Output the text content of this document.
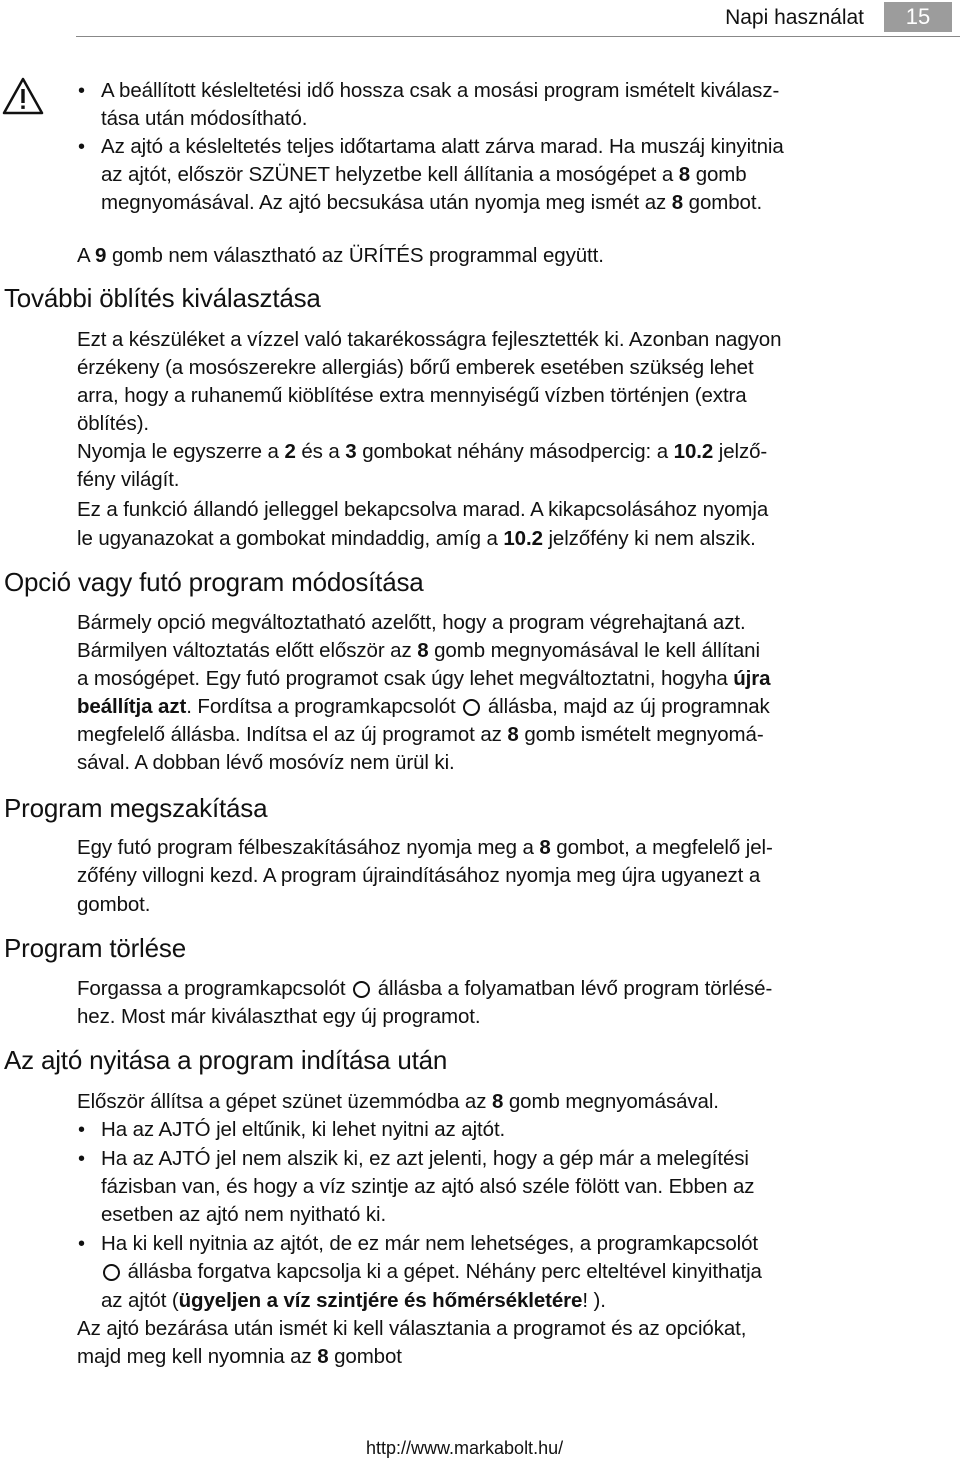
Napi használat	15
• A beállított késleltetési idő hossza csak a mosási program ismételt kiválasz-
tása után módosítható.
• Az ajtó a késleltetés teljes időtartama alatt zárva marad. Ha muszáj kinyitnia
az ajtót, először SZÜNET helyzetbe kell állítania a mosógépet a 8 gomb
megnyomásával. Az ajtó becsukása után nyomja meg ismét az 8 gombot.
A 9 gomb nem választható az ÜRÍTÉS programmal együtt.
További öblítés kiválasztása
Ezt a készüléket a vízzel való takarékosságra fejlesztették ki. Azonban nagyon
érzékeny (a mosószerekre allergiás) bőrű emberek esetében szükség lehet
arra, hogy a ruhanemű kiöblítése extra mennyiségű vízben történjen (extra
öblítés).
Nyomja le egyszerre a 2 és a 3 gombokat néhány másodpercig: a 10.2 jelző-
fény világít.
Ez a funkció állandó jelleggel bekapcsolva marad. A kikapcsolásához nyomja
le ugyanazokat a gombokat mindaddig, amíg a 10.2 jelzőfény ki nem alszik.
Opció vagy futó program módosítása
Bármely opció megváltoztatható azelőtt, hogy a program végrehajtaná azt.
Bármilyen változtatás előtt először az 8 gomb megnyomásával le kell állítani
a mosógépet. Egy futó programot csak úgy lehet megváltoztatni, hogyha újra
beállítja azt. Fordítsa a programkapcsolót  állásba, majd az új programnak
megfelelő állásba. Indítsa el az új programot az 8 gomb ismételt megnyomá-
sával. A dobban lévő mosóvíz nem ürül ki.
Program megszakítása
Egy futó program félbeszakításához nyomja meg a 8 gombot, a megfelelő jel-
zőfény villogni kezd. A program újraindításához nyomja meg újra ugyanezt a
gombot.
Program törlése
Forgassa a programkapcsolót  állásba a folyamatban lévő program törlésé-
hez. Most már kiválaszthat egy új programot.
Az ajtó nyitása a program indítása után
Először állítsa a gépet szünet üzemmódba az 8 gomb megnyomásával.
• Ha az AJTÓ jel eltűnik, ki lehet nyitni az ajtót.
• Ha az AJTÓ jel nem alszik ki, ez azt jelenti, hogy a gép már a melegítési
fázisban van, és hogy a víz szintje az ajtó alsó széle fölött van. Ebben az
esetben az ajtó nem nyitható ki.
• Ha ki kell nyitnia az ajtót, de ez már nem lehetséges, a programkapcsolót
állásba forgatva kapcsolja ki a gépet. Néhány perc elteltével kinyithatja
az ajtót (ügyeljen a víz szintjére és hőmérsékletére! ).
Az ajtó bezárása után ismét ki kell választania a programot és az opciókat,
majd meg kell nyomnia az 8 gombot
http://www.markabolt.hu/
